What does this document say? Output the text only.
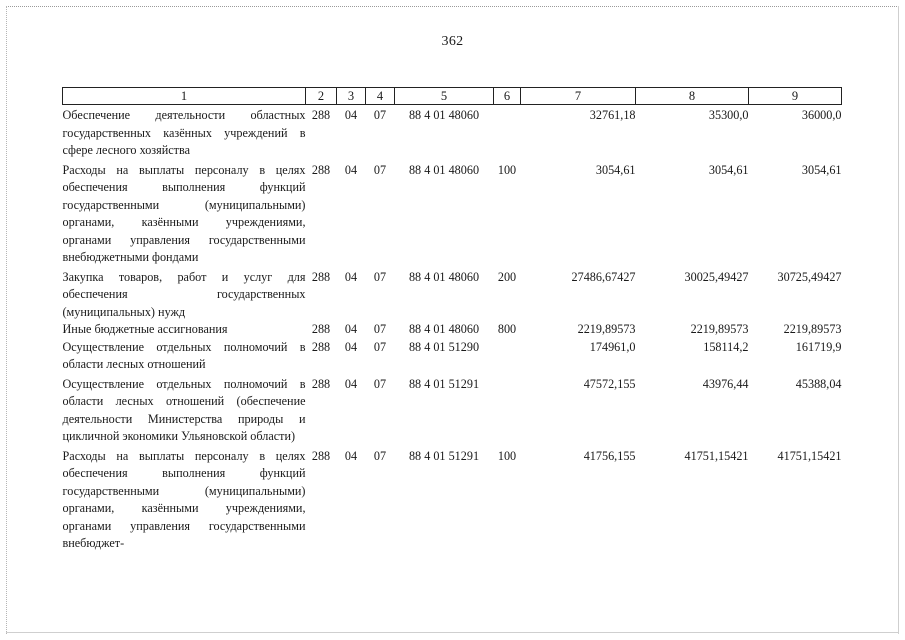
362
1	2	3	4	5	6	7	8	9
Обеспечение деятельности областных государственных казённых учреждений в сфере лесного хозяйства	288	04	07	88 4 01 48060		32761,18	35300,0	36000,0
Расходы на выплаты персоналу в целях обеспечения выполнения функций государственными (муниципальными) органами, казёнными учреждениями, органами управления государственными внебюджетными фондами	288	04	07	88 4 01 48060	100	3054,61	3054,61	3054,61
Закупка товаров, работ и услуг для обеспечения государственных (муниципальных) нужд	288	04	07	88 4 01 48060	200	27486,67427	30025,49427	30725,49427
Иные бюджетные ассигнования	288	04	07	88 4 01 48060	800	2219,89573	2219,89573	2219,89573
Осуществление отдельных полномочий в области лесных отношений	288	04	07	88 4 01 51290		174961,0	158114,2	161719,9
Осуществление отдельных полномочий в области лесных отношений (обеспечение деятельности Министерства природы и цикличной экономики Ульяновской области)	288	04	07	88 4 01 51291		47572,155	43976,44	45388,04
Расходы на выплаты персоналу в целях обеспечения выполнения функций государственными (муниципальными) органами, казёнными учреждениями, органами управления государственными внебюджет-	288	04	07	88 4 01 51291	100	41756,155	41751,15421	41751,15421
